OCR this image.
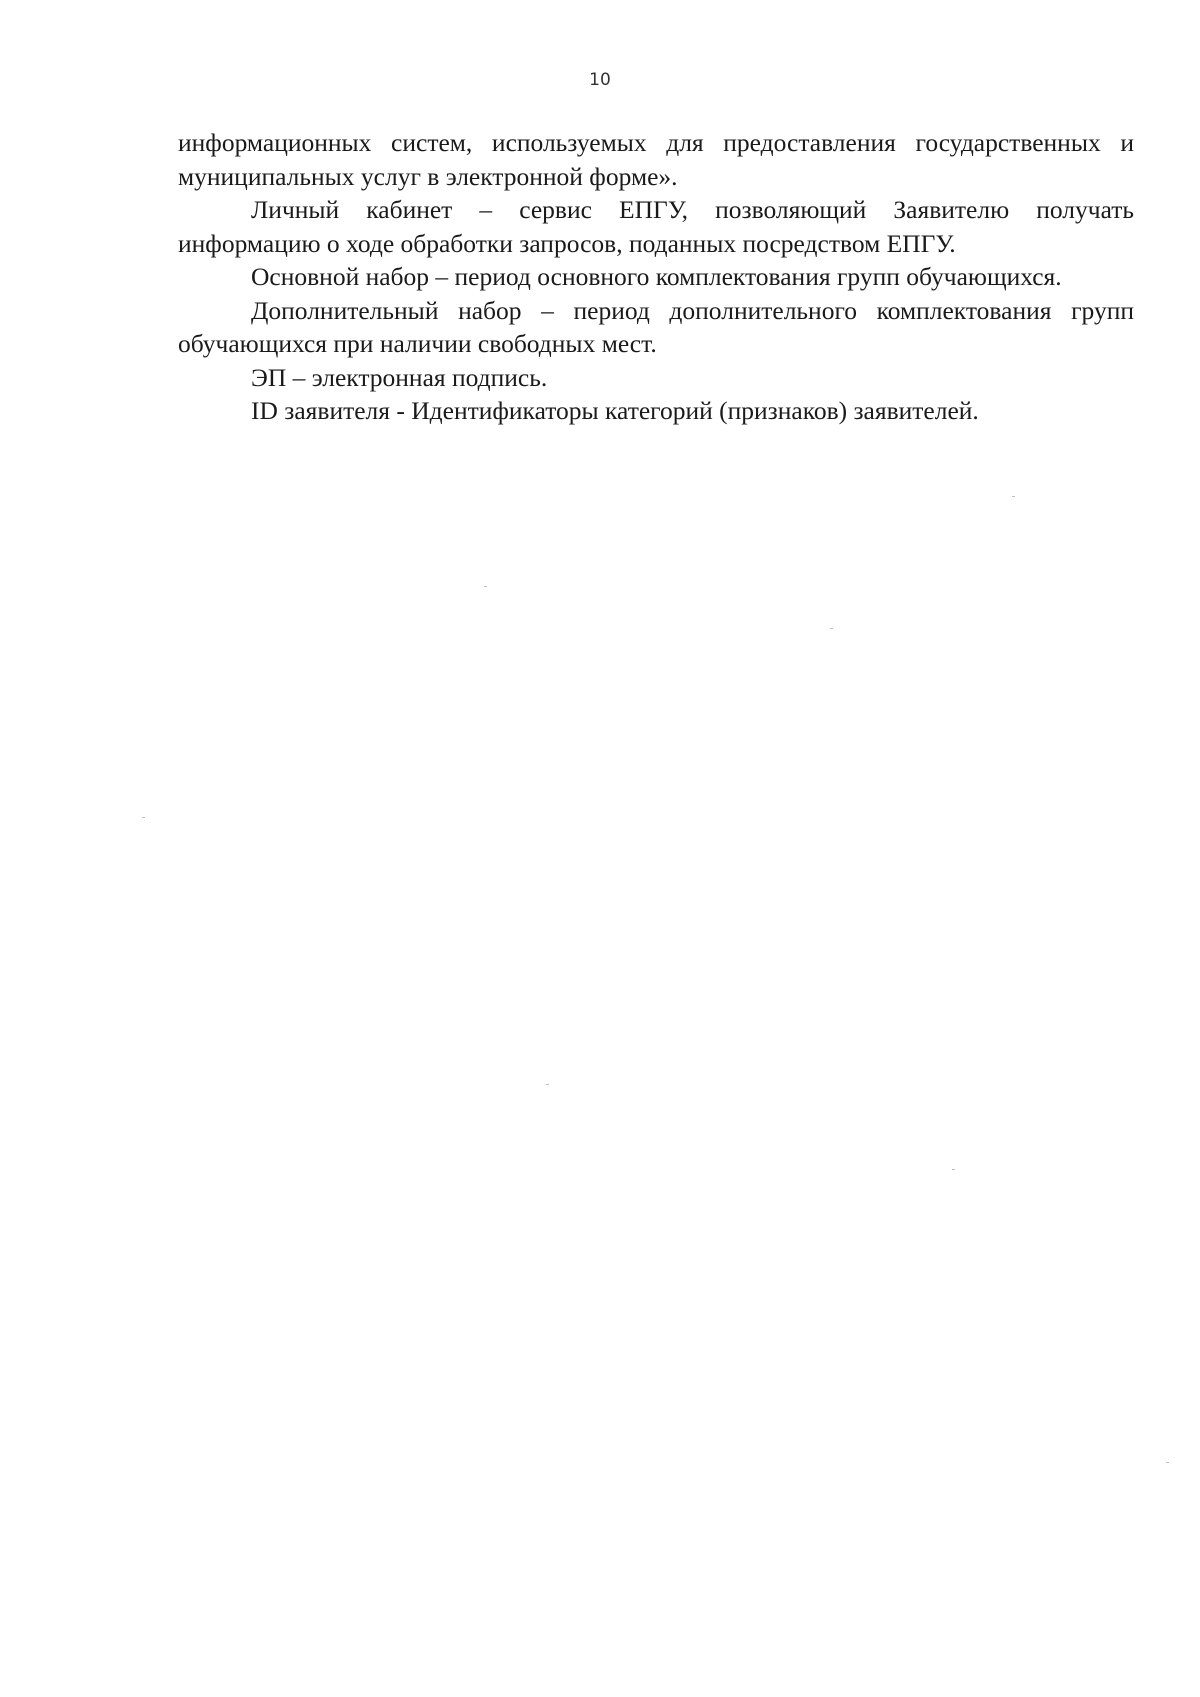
10

информационных систем, используемых для предоставления государственных и муниципальных услуг в электронной форме».

Личный кабинет – сервис ЕПГУ, позволяющий Заявителю получать информацию о ходе обработки запросов, поданных посредством ЕПГУ.

Основной набор – период основного комплектования групп обучающихся.

Дополнительный набор – период дополнительного комплектования групп обучающихся при наличии свободных мест.

ЭП – электронная подпись.

ID заявителя - Идентификаторы категорий (признаков) заявителей.
